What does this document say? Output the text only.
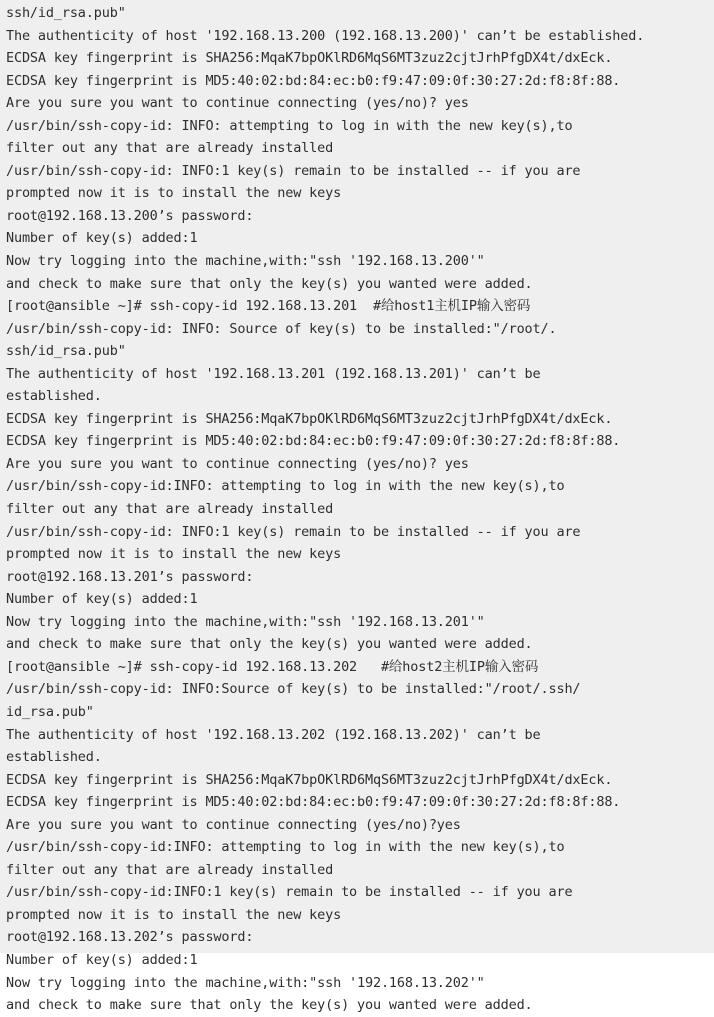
ssh/id_rsa.pub"
The authenticity of host '192.168.13.200 (192.168.13.200)' can’t be established.
ECDSA key fingerprint is SHA256:MqaK7bpOKlRD6MqS6MT3zuz2cjtJrhPfgDX4t/dxEck.
ECDSA key fingerprint is MD5:40:02:bd:84:ec:b0:f9:47:09:0f:30:27:2d:f8:8f:88.
Are you sure you want to continue connecting (yes/no)? yes
/usr/bin/ssh-copy-id: INFO: attempting to log in with the new key(s),to
filter out any that are already installed
/usr/bin/ssh-copy-id: INFO:1 key(s) remain to be installed -- if you are
prompted now it is to install the new keys
root@192.168.13.200’s password:
Number of key(s) added:1
Now try logging into the machine,with:"ssh '192.168.13.200'"
and check to make sure that only the key(s) you wanted were added.
[root@ansible ~]# ssh-copy-id 192.168.13.201  #给host1主机IP输入密码
/usr/bin/ssh-copy-id: INFO: Source of key(s) to be installed:"/root/.
ssh/id_rsa.pub"
The authenticity of host '192.168.13.201 (192.168.13.201)' can’t be
established.
ECDSA key fingerprint is SHA256:MqaK7bpOKlRD6MqS6MT3zuz2cjtJrhPfgDX4t/dxEck.
ECDSA key fingerprint is MD5:40:02:bd:84:ec:b0:f9:47:09:0f:30:27:2d:f8:8f:88.
Are you sure you want to continue connecting (yes/no)? yes
/usr/bin/ssh-copy-id:INFO: attempting to log in with the new key(s),to
filter out any that are already installed
/usr/bin/ssh-copy-id: INFO:1 key(s) remain to be installed -- if you are
prompted now it is to install the new keys
root@192.168.13.201’s password:
Number of key(s) added:1
Now try logging into the machine,with:"ssh '192.168.13.201'"
and check to make sure that only the key(s) you wanted were added.
[root@ansible ~]# ssh-copy-id 192.168.13.202   #给host2主机IP输入密码
/usr/bin/ssh-copy-id: INFO:Source of key(s) to be installed:"/root/.ssh/
id_rsa.pub"
The authenticity of host '192.168.13.202 (192.168.13.202)' can’t be
established.
ECDSA key fingerprint is SHA256:MqaK7bpOKlRD6MqS6MT3zuz2cjtJrhPfgDX4t/dxEck.
ECDSA key fingerprint is MD5:40:02:bd:84:ec:b0:f9:47:09:0f:30:27:2d:f8:8f:88.
Are you sure you want to continue connecting (yes/no)?yes
/usr/bin/ssh-copy-id:INFO: attempting to log in with the new key(s),to
filter out any that are already installed
/usr/bin/ssh-copy-id:INFO:1 key(s) remain to be installed -- if you are
prompted now it is to install the new keys
root@192.168.13.202’s password:
Number of key(s) added:1
Now try logging into the machine,with:"ssh '192.168.13.202'"
and check to make sure that only the key(s) you wanted were added.
